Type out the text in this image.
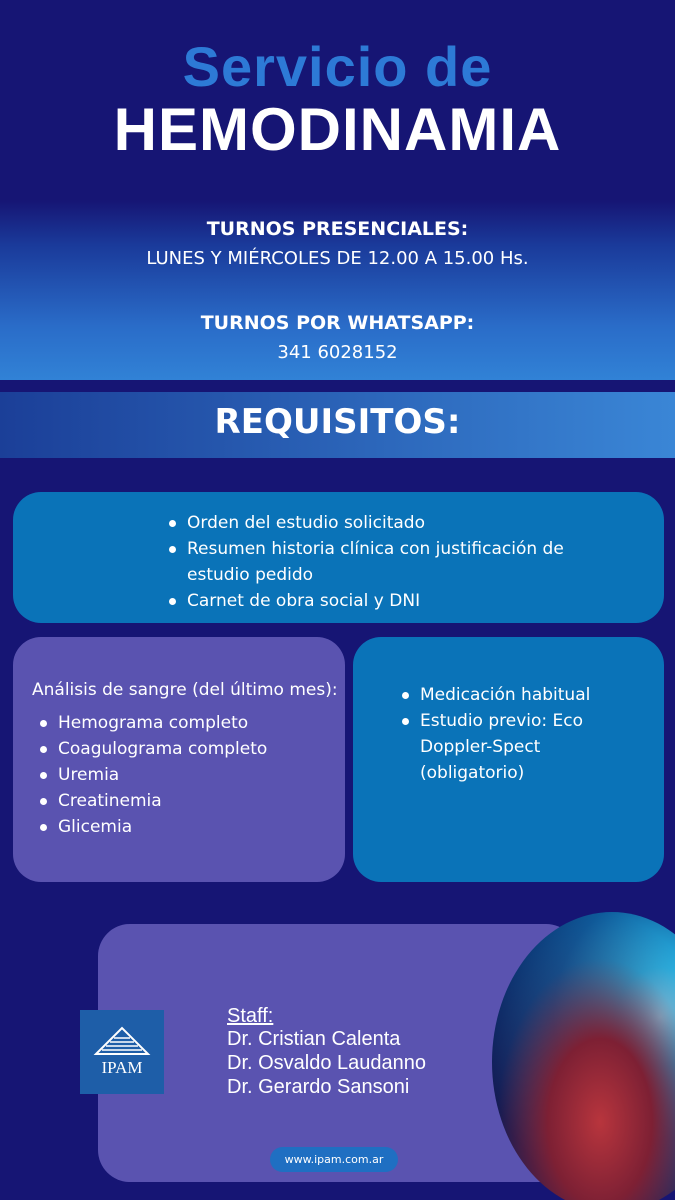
Servicio de
HEMODINAMIA
TURNOS PRESENCIALES:
LUNES Y MIÉRCOLES DE 12.00 A 15.00 Hs.
TURNOS POR WHATSAPP:
341 6028152
REQUISITOS:
Orden del estudio solicitado
Resumen historia clínica con justificación de estudio pedido
Carnet de obra social y DNI
Análisis de sangre (del último mes):
Hemograma completo
Coagulograma completo
Uremia
Creatinemia
Glicemia
Medicación habitual
Estudio previo: Eco Doppler-Spect (obligatorio)
IPAM
Staff:
Dr. Cristian Calenta
Dr. Osvaldo Laudanno
Dr. Gerardo Sansoni
www.ipam.com.ar
